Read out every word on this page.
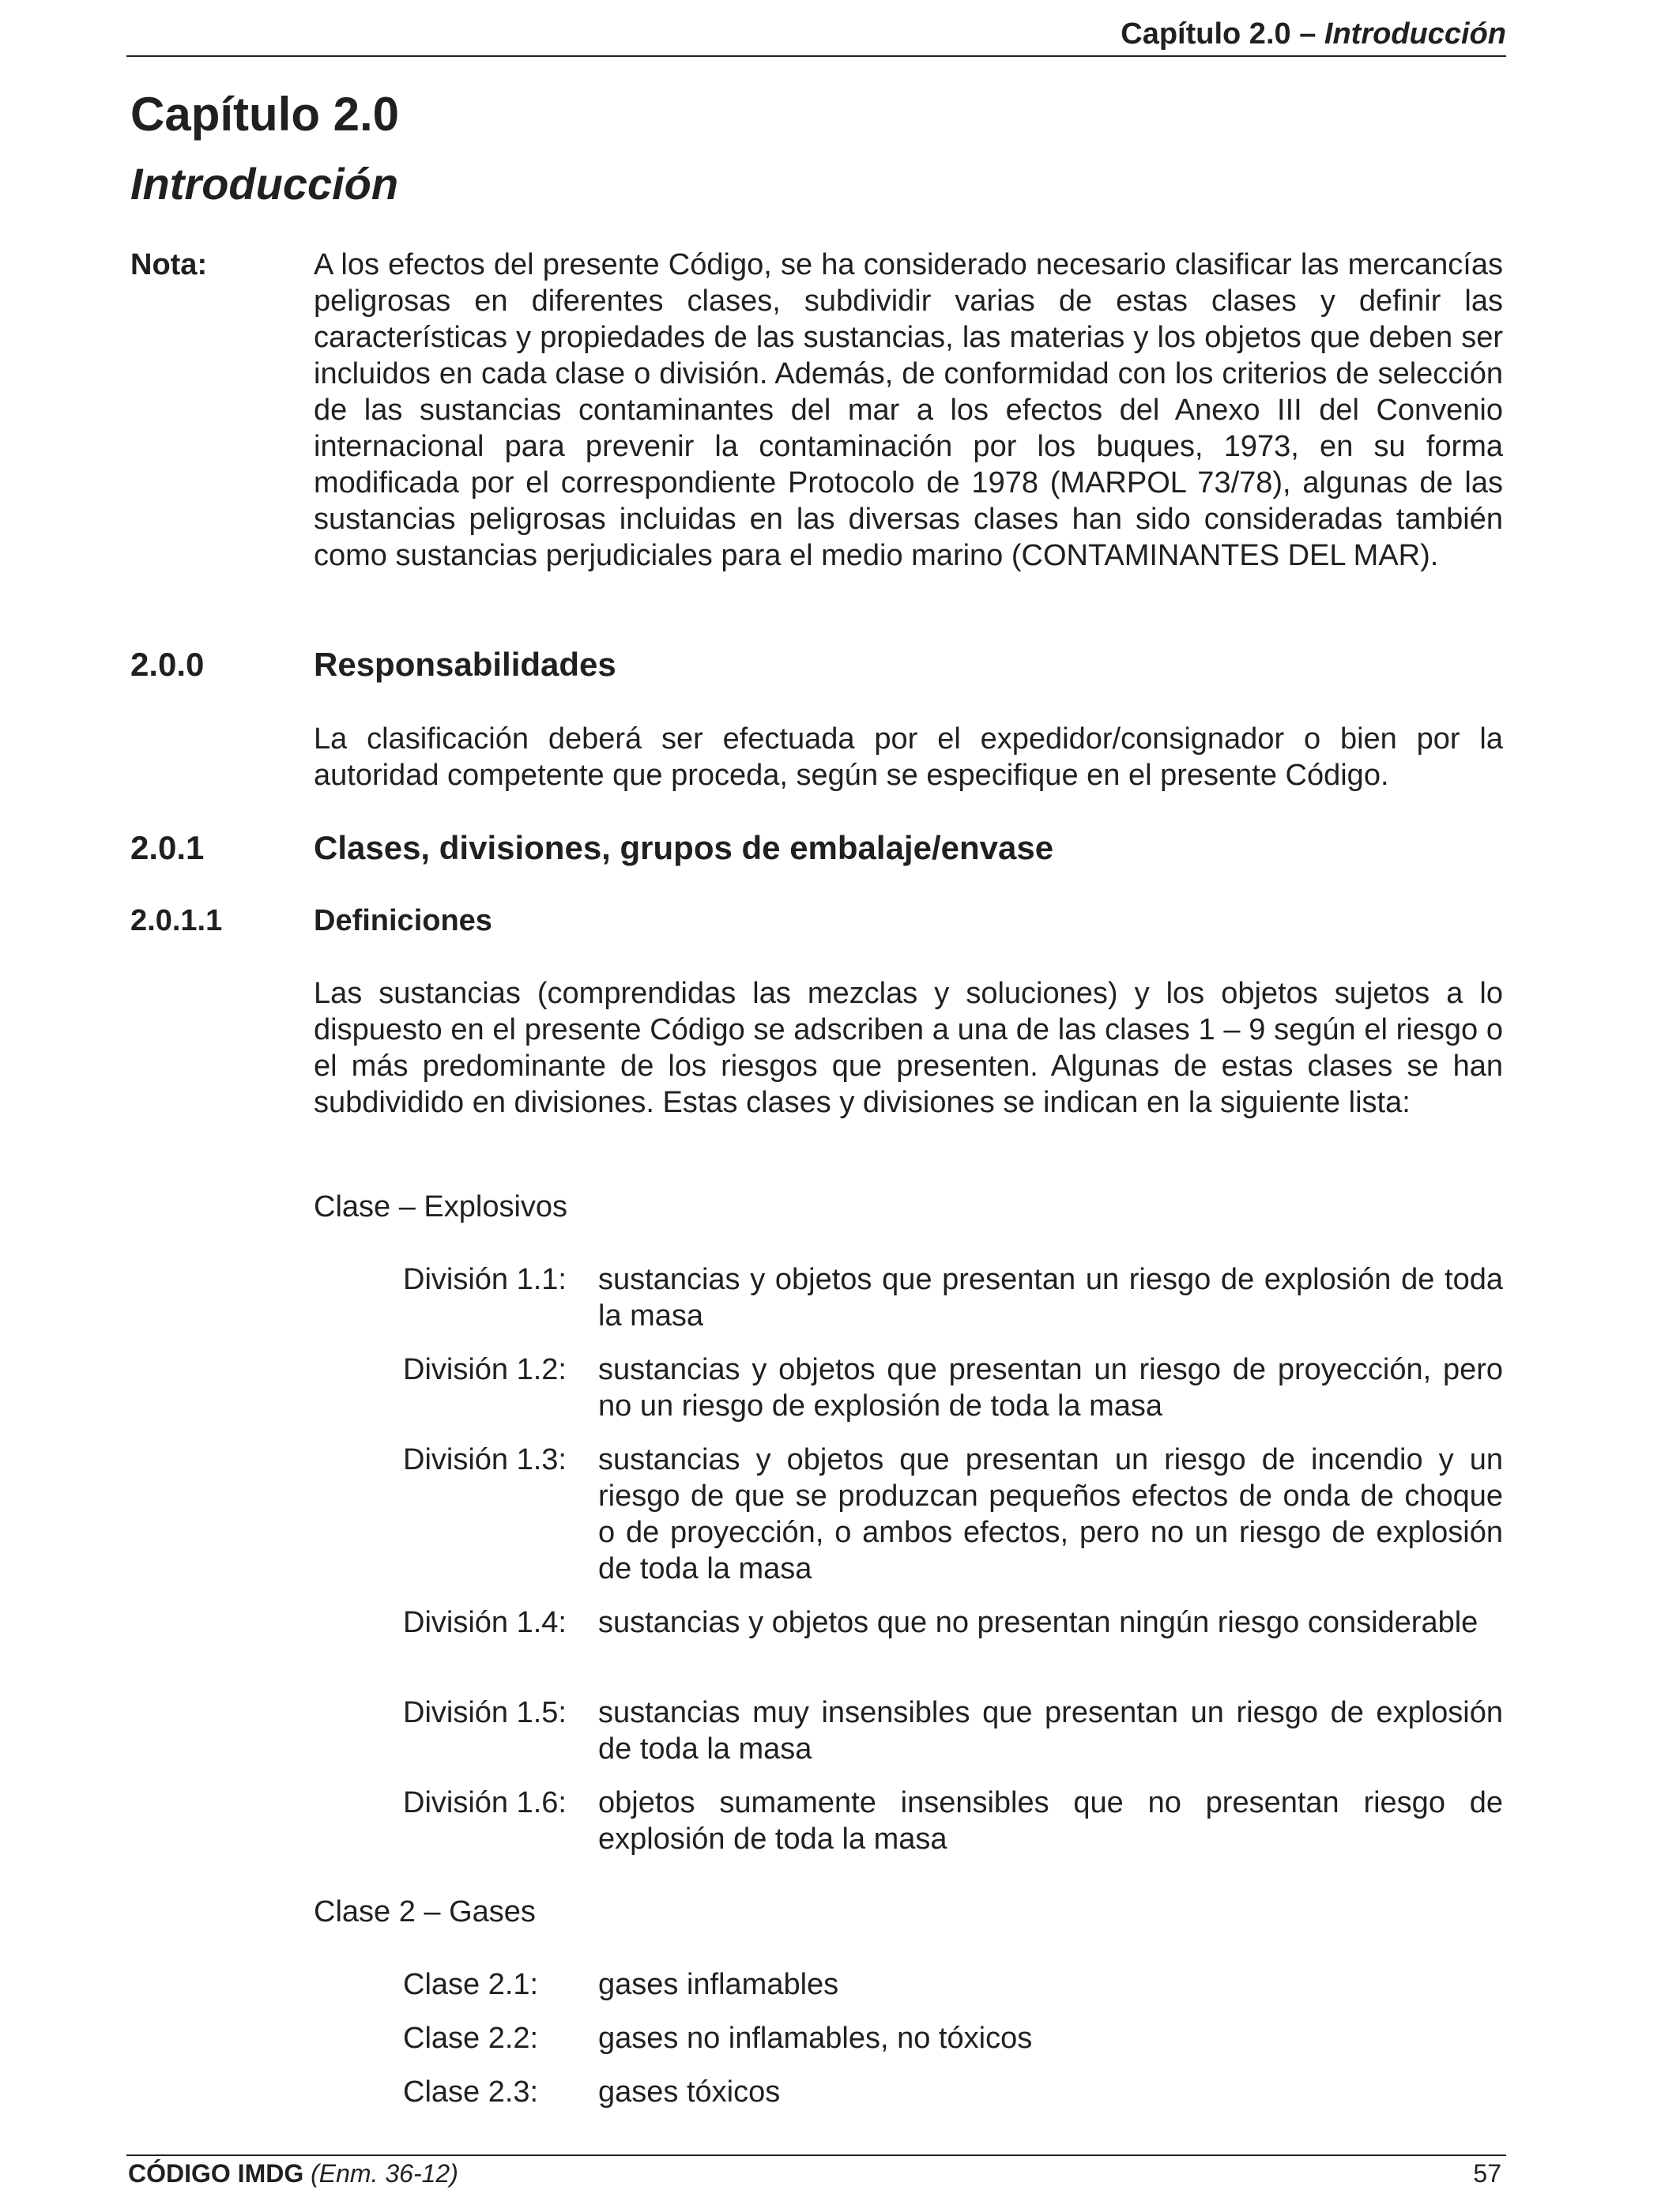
Capítulo 2.0 – Introducción
Capítulo 2.0
Introducción
Nota:	A los efectos del presente Código, se ha considerado necesario clasificar las mercancías peligrosas en diferentes clases, subdividir varias de estas clases y definir las características y propiedades de las sustancias, las materias y los objetos que deben ser incluidos en cada clase o división. Además, de conformidad con los criterios de selección de las sustancias contaminantes del mar a los efectos del Anexo III del Convenio internacional para prevenir la contaminación por los buques, 1973, en su forma modificada por el correspondiente Protocolo de 1978 (MARPOL 73/78), algunas de las sustancias peligrosas incluidas en las diversas clases han sido consideradas también como sustancias perjudiciales para el medio marino (CONTAMINANTES DEL MAR).

2.0.0	Responsabilidades

La clasificación deberá ser efectuada por el expedidor/consignador o bien por la autoridad competente que proceda, según se especifique en el presente Código.

2.0.1	Clases, divisiones, grupos de embalaje/envase
2.0.1.1	Definiciones

Las sustancias (comprendidas las mezclas y soluciones) y los objetos sujetos a lo dispuesto en el presente Código se adscriben a una de las clases 1 – 9 según el riesgo o el más predominante de los riesgos que presenten. Algunas de estas clases se han subdividido en divisiones. Estas clases y divisiones se indican en la siguiente lista:

Clase – Explosivos

División 1.1:	sustancias y objetos que presentan un riesgo de explosión de toda la masa
División 1.2:	sustancias y objetos que presentan un riesgo de proyección, pero no un riesgo de explosión de toda la masa
División 1.3:	sustancias y objetos que presentan un riesgo de incendio y un riesgo de que se produzcan pequeños efectos de onda de choque o de proyección, o ambos efectos, pero no un riesgo de explosión de toda la masa
División 1.4:	sustancias y objetos que no presentan ningún riesgo considerable
División 1.5:	sustancias muy insensibles que presentan un riesgo de explosión de toda la masa
División 1.6:	objetos sumamente insensibles que no presentan riesgo de explosión de toda la masa

Clase 2 – Gases

Clase 2.1:	gases inflamables
Clase 2.2:	gases no inflamables, no tóxicos
Clase 2.3:	gases tóxicos
CÓDIGO IMDG (Enm. 36-12)	57
